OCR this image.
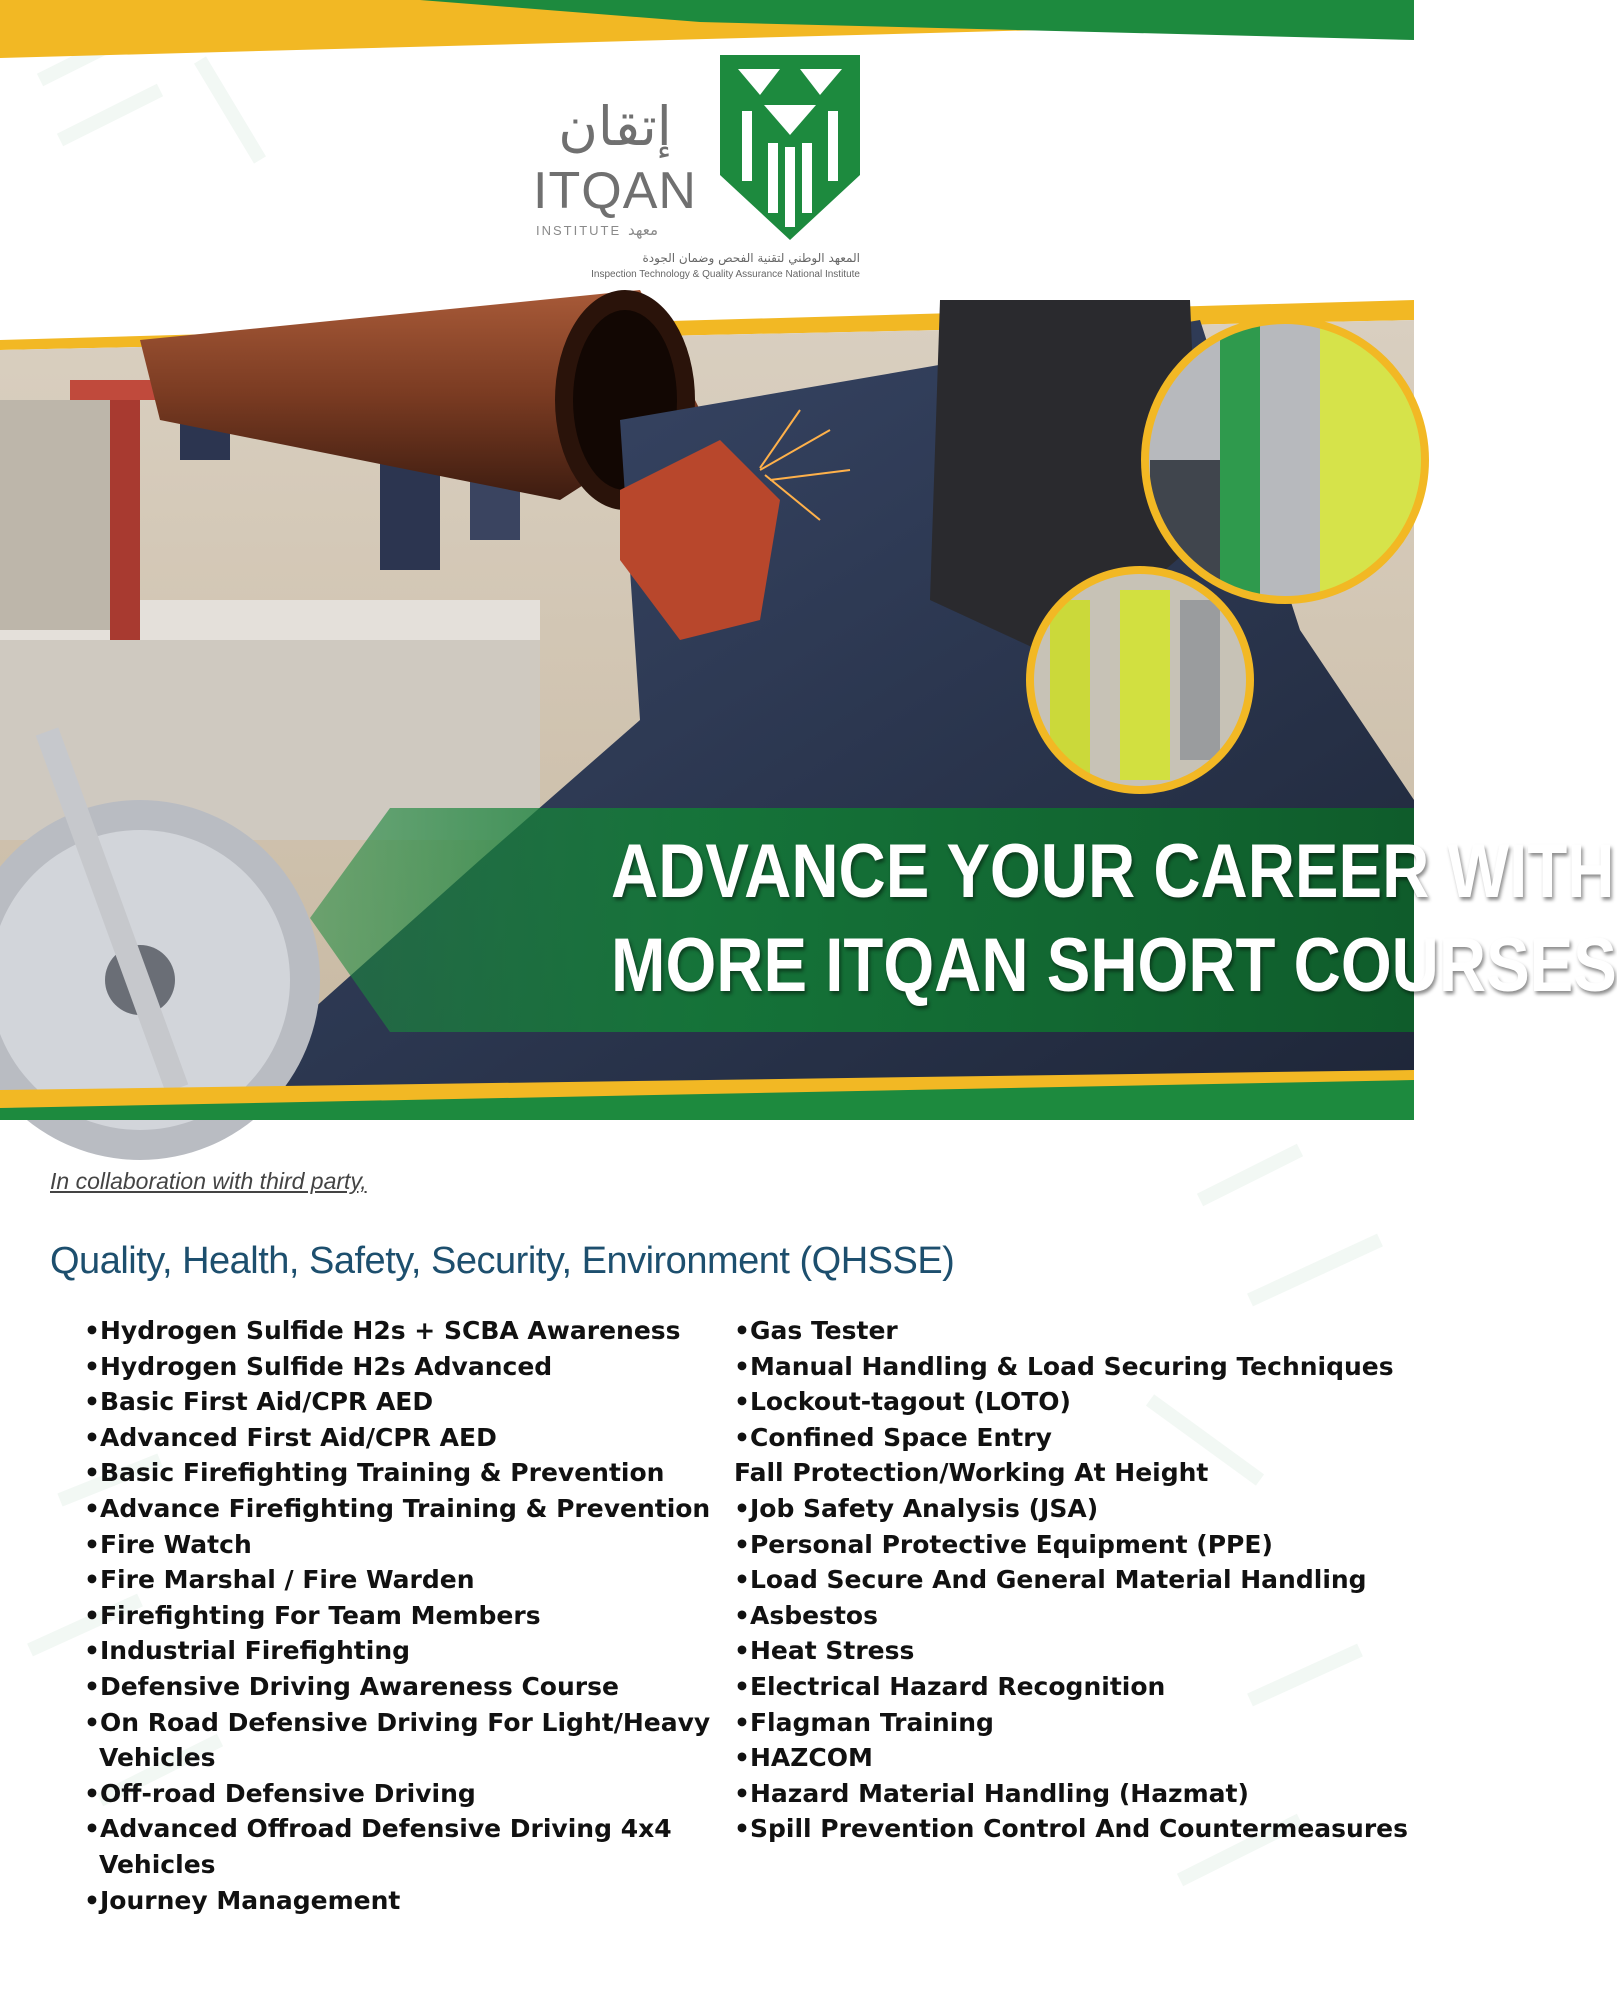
إتقان
ITQAN
INSTITUTE معهد
المعهد الوطني لتقنية الفحص وضمان الجودة
Inspection Technology & Quality Assurance National Institute
ADVANCE YOUR CAREER WITH
MORE ITQAN SHORT COURSES
In collaboration with third party,
Quality, Health, Safety, Security, Environment (QHSSE)
•Hydrogen Sulfide H2s + SCBA Awareness
•Hydrogen Sulfide H2s Advanced
•Basic First Aid/CPR AED
•Advanced First Aid/CPR AED
•Basic Firefighting Training & Prevention
•Advance Firefighting Training & Prevention
•Fire Watch
•Fire Marshal / Fire Warden
•Firefighting For Team Members
•Industrial Firefighting
•Defensive Driving Awareness Course
•On Road Defensive Driving For Light/Heavy
Vehicles
•Off-road Defensive Driving
•Advanced Offroad Defensive Driving 4x4
Vehicles
•Journey Management
•Gas Tester
•Manual Handling & Load Securing Techniques
•Lockout-tagout (LOTO)
•Confined Space Entry
Fall Protection/Working At Height
•Job Safety Analysis (JSA)
•Personal Protective Equipment (PPE)
•Load Secure And General Material Handling
•Asbestos
•Heat Stress
•Electrical Hazard Recognition
•Flagman Training
•HAZCOM
•Hazard Material Handling (Hazmat)
•Spill Prevention Control And Countermeasures
